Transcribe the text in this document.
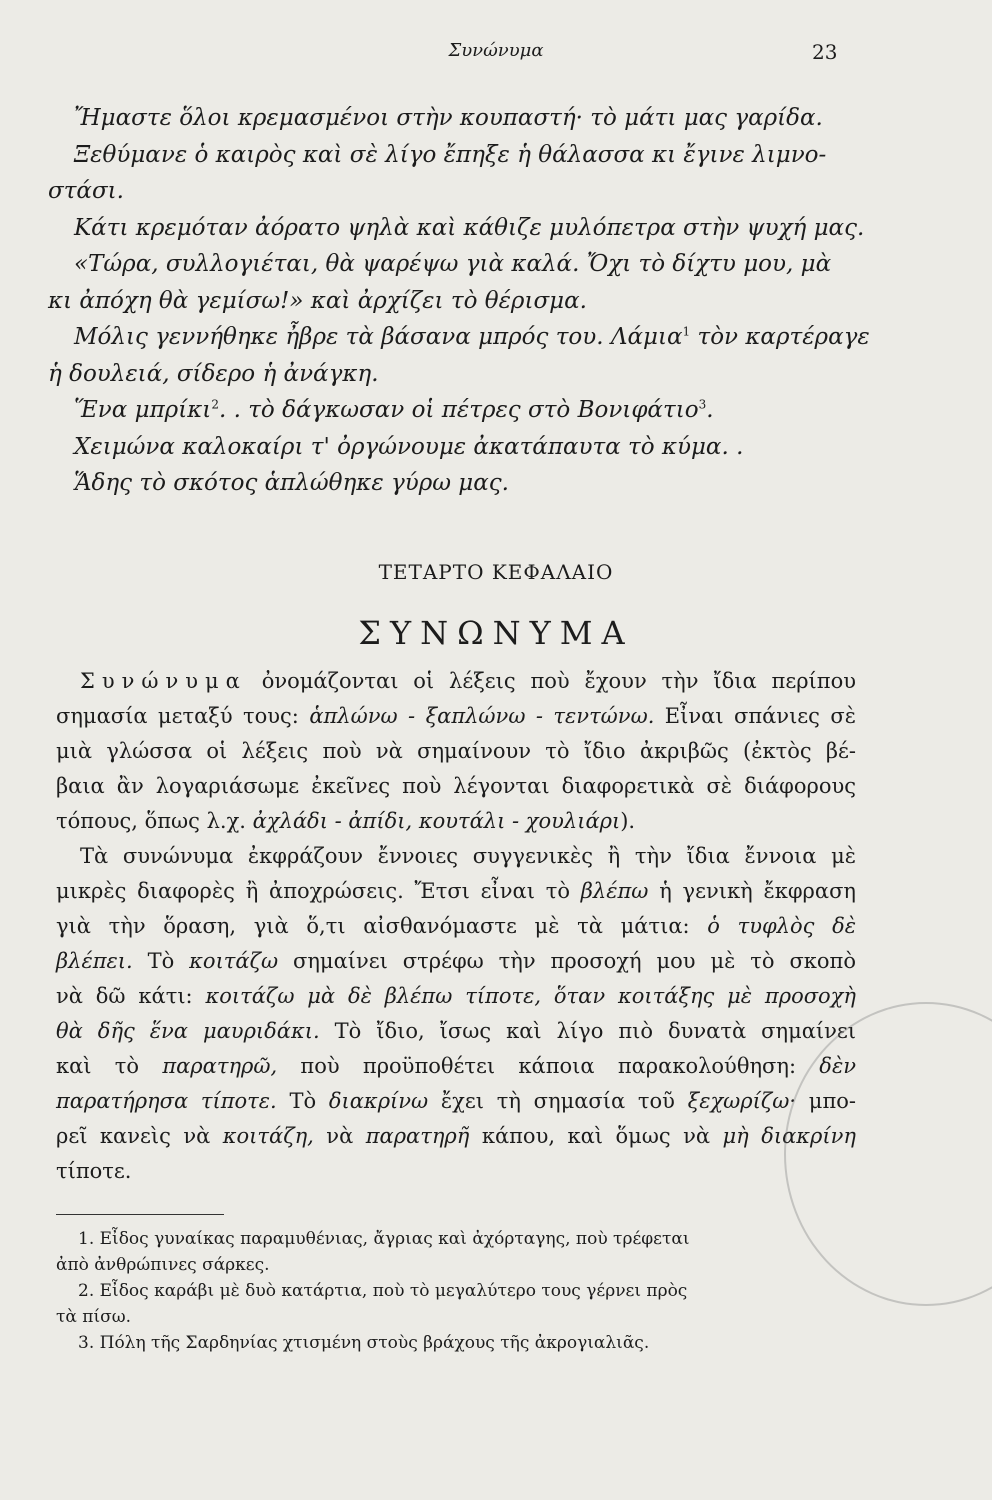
Συνώνυμα	23
Ἤμαστε ὅλοι κρεμασμένοι στὴν κουπαστή· τὸ μάτι μας γαρίδα.
Ξεθύμανε ὁ καιρὸς καὶ σὲ λίγο ἔπηξε ἡ θάλασσα κι ἔγινε λιμνο-
στάσι.
Κάτι κρεμόταν ἀόρατο ψηλὰ καὶ κάθιζε μυλόπετρα στὴν ψυχή μας.
«Τώρα, συλλογιέται, θὰ ψαρέψω γιὰ καλά. Ὄχι τὸ δίχτυ μου, μὰ
κι ἀπόχη θὰ γεμίσω!» καὶ ἀρχίζει τὸ θέρισμα.
Μόλις γεννήθηκε ἦβρε τὰ βάσανα μπρός του. Λάμια$^1$ τὸν καρτέραγε
ἡ δουλειά, σίδερο ἡ ἀνάγκη.
Ἕνα μπρίκι$^2$. . τὸ δάγκωσαν οἱ πέτρες στὸ Βονιφάτιο$^3$.
Χειμώνα καλοκαίρι τ' ὀργώνουμε ἀκατάπαυτα τὸ κύμα. .
Ἅδης τὸ σκότος ἁπλώθηκε γύρω μας.
ΤΕΤΑΡΤΟ ΚΕΦΑΛΑΙΟ
ΣΥΝΩΝΥΜΑ
Συνώνυμα ὀνομάζονται οἱ λέξεις ποὺ ἔχουν τὴν ἴδια περίπου
σημασία μεταξύ τους: ἁπλώνω - ξαπλώνω - τεντώνω. Εἶναι σπάνιες σὲ
μιὰ γλώσσα οἱ λέξεις ποὺ νὰ σημαίνουν τὸ ἴδιο ἀκριβῶς (ἐκτὸς βέ-
βαια ἂν λογαριάσωμε ἐκεῖνες ποὺ λέγονται διαφορετικὰ σὲ διάφορους
τόπους, ὅπως λ.χ. ἀχλάδι - ἀπίδι, κουτάλι - χουλιάρι).
Τὰ συνώνυμα ἐκφράζουν ἔννοιες συγγενικὲς ἢ τὴν ἴδια ἔννοια μὲ
μικρὲς διαφορὲς ἢ ἀποχρώσεις. Ἔτσι εἶναι τὸ βλέπω ἡ γενικὴ ἔκφραση
γιὰ τὴν ὅραση, γιὰ ὅ,τι αἰσθανόμαστε μὲ τὰ μάτια: ὁ τυφλὸς δὲ
βλέπει. Τὸ κοιτάζω σημαίνει στρέφω τὴν προσοχή μου μὲ τὸ σκοπὸ
νὰ δῶ κάτι: κοιτάζω μὰ δὲ βλέπω τίποτε, ὅταν κοιτάξης μὲ προσοχὴ
θὰ δῆς ἕνα μαυριδάκι. Τὸ ἴδιο, ἴσως καὶ λίγο πιὸ δυνατὰ σημαίνει
καὶ τὸ παρατηρῶ, ποὺ προϋποθέτει κάποια παρακολούθηση: δὲν
παρατήρησα τίποτε. Τὸ διακρίνω ἔχει τὴ σημασία τοῦ ξεχωρίζω· μπο-
ρεῖ κανεὶς νὰ κοιτάζη, νὰ παρατηρῆ κάπου, καὶ ὅμως νὰ μὴ διακρίνη
τίποτε.
1. Εἶδος γυναίκας παραμυθένιας, ἄγριας καὶ ἀχόρταγης, ποὺ τρέφεται
ἀπὸ ἀνθρώπινες σάρκες.
2. Εἶδος καράβι μὲ δυὸ κατάρτια, ποὺ τὸ μεγαλύτερο τους γέρνει πρὸς
τὰ πίσω.
3. Πόλη τῆς Σαρδηνίας χτισμένη στοὺς βράχους τῆς ἀκρογιαλιᾶς.
